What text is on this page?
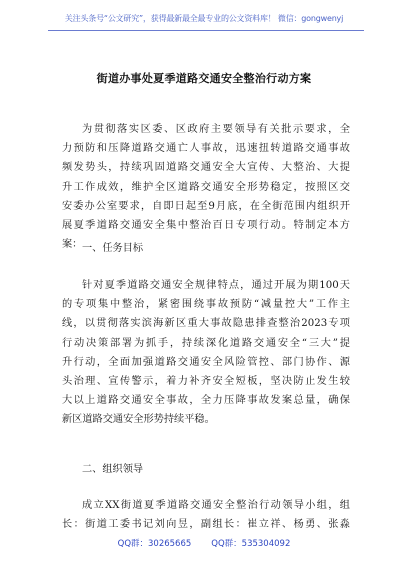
关注头条号“公文研究”，获得最新最全最专业的公文资料库！ 微信：gongwenyj
街道办事处夏季道路交通安全整治行动方案
为贯彻落实区委、区政府主要领导有关批示要求，全
力预防和压降道路交通亡人事故，迅速扭转道路交通事故
频发势头，持续巩固道路交通安全大宣传、大整治、大提
升工作成效，维护全区道路交通安全形势稳定，按照区交
安委办公室要求，自即日起至9月底，在全街范围内组织开
展夏季道路交通安全集中整治百日专项行动。特制定本方
案： 一、任务目标
针对夏季道路交通安全规律特点，通过开展为期100天
的专项集中整治，紧密围绕事故预防“减量控大”工作主
线，以贯彻落实滨海新区重大事故隐患排查整治2023专项
行动决策部署为抓手，持续深化道路交通安全“三大”提
升行动，全面加强道路交通安全风险管控、部门协作、源
头治理、宣传警示，着力补齐安全短板，坚决防止发生较
大以上道路交通安全事故，全力压降事故发案总量，确保
新区道路交通安全形势持续平稳。
二、组织领导
成立XX街道夏季道路交通安全整治行动领导小组，组
长：街道工委书记刘向昱，副组长：崔立祥、杨勇、张淼
QQ群：30265665 QQ群：535304092
